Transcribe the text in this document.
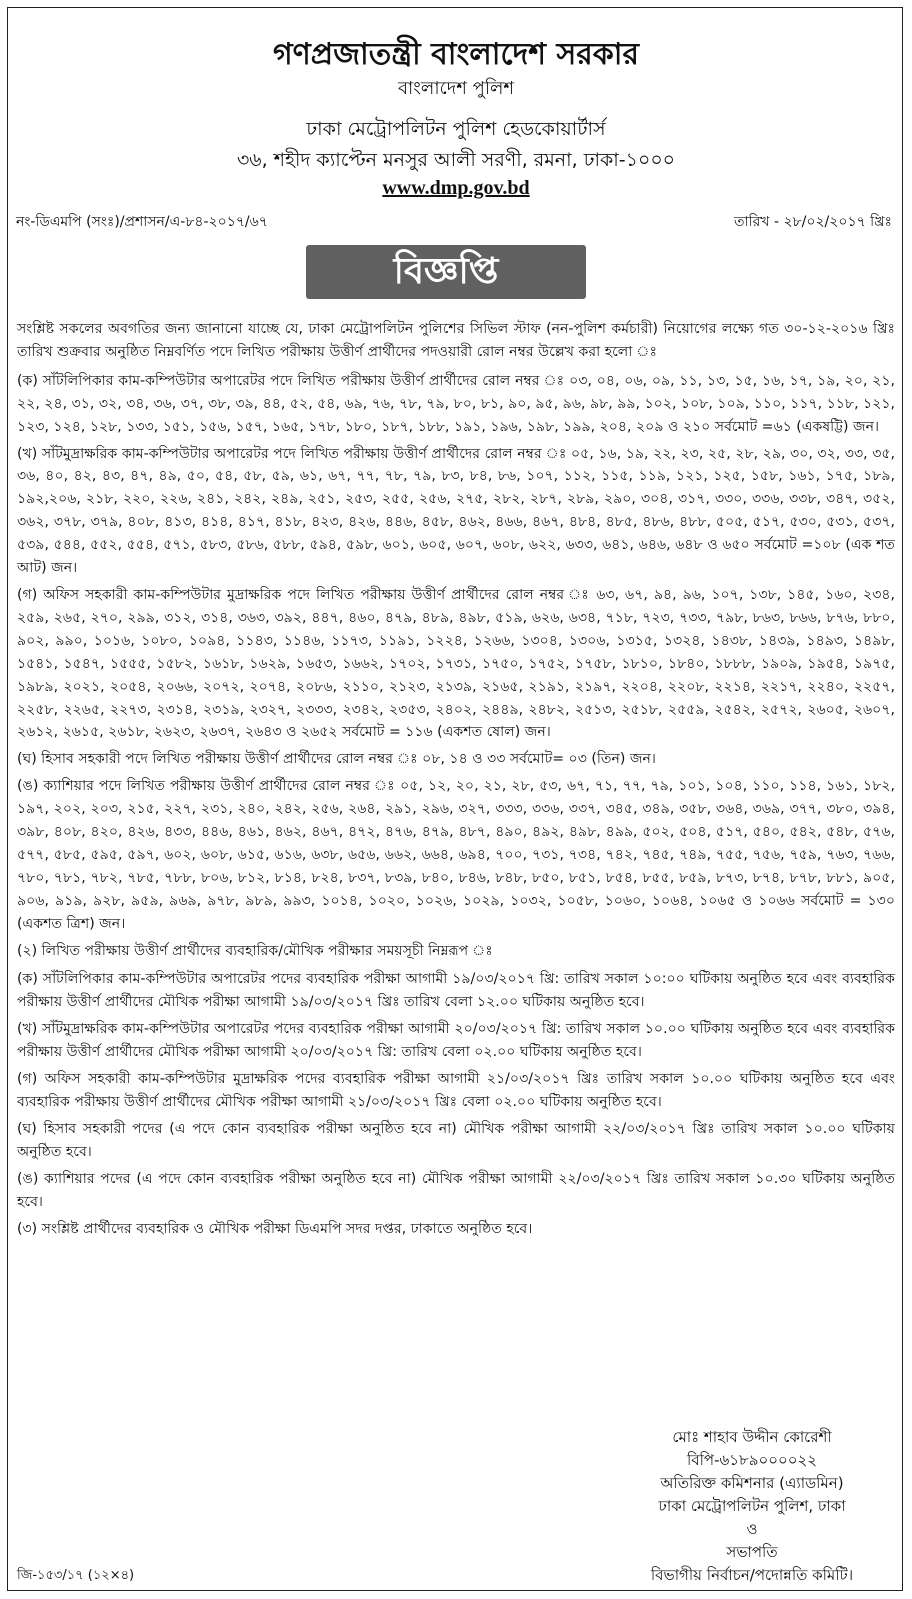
গণপ্রজাতন্ত্রী বাংলাদেশ সরকার
বাংলাদেশ পুলিশ
ঢাকা মেট্রোপলিটন পুলিশ হেডকোয়ার্টার্স
৩৬, শহীদ ক্যাপ্টেন মনসুর আলী সরণী, রমনা, ঢাকা-১০০০
www.dmp.gov.bd
নং-ডিএমপি (সংঃ)/প্রশাসন/এ-৮৪-২০১৭/৬৭	তারিখ - ২৮/০২/২০১৭ খ্রিঃ
বিজ্ঞপ্তি

সংশ্লিষ্ট সকলের অবগতির জন্য জানানো যাচ্ছে যে, ঢাকা মেট্রোপলিটন পুলিশের সিভিল স্টাফ (নন-পুলিশ কর্মচারী) নিয়োগের লক্ষ্যে গত ৩০-১২-২০১৬ খ্রিঃ তারিখ শুক্রবার অনুষ্ঠিত নিম্নবর্ণিত পদে লিখিত পরীক্ষায় উত্তীর্ণ প্রার্থীদের পদওয়ারী রোল নম্বর উল্লেখ করা হলো ঃ

(ক) সাঁটলিপিকার কাম-কম্পিউটার অপারেটর পদে লিখিত পরীক্ষায় উত্তীর্ণ প্রার্থীদের রোল নম্বর ঃ ০৩, ০৪, ০৬, ০৯, ১১, ১৩, ১৫, ১৬, ১৭, ১৯, ২০, ২১, ২২, ২৪, ৩১, ৩২, ৩৪, ৩৬, ৩৭, ৩৮, ৩৯, ৪৪, ৫২, ৫৪, ৬৯, ৭৬, ৭৮, ৭৯, ৮০, ৮১, ৯০, ৯৫, ৯৬, ৯৮, ৯৯, ১০২, ১০৮, ১০৯, ১১০, ১১৭, ১১৮, ১২১, ১২৩, ১২৪, ১২৮, ১৩৩, ১৫১, ১৫৬, ১৫৭, ১৬৫, ১৭৮, ১৮০, ১৮৭, ১৮৮, ১৯১, ১৯৬, ১৯৮, ১৯৯, ২০৪, ২০৯ ও ২১০ সর্বমোট =৬১ (একষট্টি) জন।

(খ) সাঁটমুদ্রাক্ষরিক কাম-কম্পিউটার অপারেটর পদে লিখিত পরীক্ষায় উত্তীর্ণ প্রার্থীদের রোল নম্বর ঃ ০৫, ১৬, ১৯, ২২, ২৩, ২৫, ২৮, ২৯, ৩০, ৩২, ৩৩, ৩৫, ৩৬, ৪০, ৪২, ৪৩, ৪৭, ৪৯, ৫০, ৫৪, ৫৮, ৫৯, ৬১, ৬৭, ৭৭, ৭৮, ৭৯, ৮৩, ৮৪, ৮৬, ১০৭, ১১২, ১১৫, ১১৯, ১২১, ১২৫, ১৫৮, ১৬১, ১৭৫, ১৮৯, ১৯২,২০৬, ২১৮, ২২০, ২২৬, ২৪১, ২৪২, ২৪৯, ২৫১, ২৫৩, ২৫৫, ২৫৬, ২৭৫, ২৮২, ২৮৭, ২৮৯, ২৯০, ৩০৪, ৩১৭, ৩৩০, ৩৩৬, ৩৩৮, ৩৪৭, ৩৫২, ৩৬২, ৩৭৮, ৩৭৯, ৪০৮, ৪১৩, ৪১৪, ৪১৭, ৪১৮, ৪২৩, ৪২৬, ৪৪৬, ৪৫৮, ৪৬২, ৪৬৬, ৪৬৭, ৪৮৪, ৪৮৫, ৪৮৬, ৪৮৮, ৫০৫, ৫১৭, ৫৩০, ৫৩১, ৫৩৭, ৫৩৯, ৫৪৪, ৫৫২, ৫৫৪, ৫৭১, ৫৮৩, ৫৮৬, ৫৮৮, ৫৯৪, ৫৯৮, ৬০১, ৬০৫, ৬০৭, ৬০৮, ৬২২, ৬৩৩, ৬৪১, ৬৪৬, ৬৪৮ ও ৬৫০ সর্বমোট =১০৮ (এক শত আট) জন।

(গ) অফিস সহকারী কাম-কম্পিউটার মুদ্রাক্ষরিক পদে লিখিত পরীক্ষায় উত্তীর্ণ প্রার্থীদের রোল নম্বর ঃ ৬৩, ৬৭, ৯৪, ৯৬, ১০৭, ১৩৮, ১৪৫, ১৬০, ২৩৪, ২৫৯, ২৬৫, ২৭০, ২৯৯, ৩১২, ৩১৪, ৩৬৩, ৩৯২, ৪৪৭, ৪৬০, ৪৭৯, ৪৮৯, ৪৯৮, ৫১৯, ৬২৬, ৬৩৪, ৭১৮, ৭২৩, ৭৩৩, ৭৯৮, ৮৬৩, ৮৬৬, ৮৭৬, ৮৮০, ৯০২, ৯৯০, ১০১৬, ১০৮০, ১০৯৪, ১১৪৩, ১১৪৬, ১১৭৩, ১১৯১, ১২২৪, ১২৬৬, ১৩০৪, ১৩০৬, ১৩১৫, ১৩২৪, ১৪৩৮, ১৪৩৯, ১৪৯৩, ১৪৯৮, ১৫৪১, ১৫৪৭, ১৫৫৫, ১৫৮২, ১৬১৮, ১৬২৯, ১৬৫৩, ১৬৬২, ১৭০২, ১৭৩১, ১৭৫০, ১৭৫২, ১৭৫৮, ১৮১০, ১৮৪০, ১৮৮৮, ১৯০৯, ১৯৫৪, ১৯৭৫, ১৯৮৯, ২০২১, ২০৫৪, ২০৬৬, ২০৭২, ২০৭৪, ২০৮৬, ২১১০, ২১২৩, ২১৩৯, ২১৬৫, ২১৯১, ২১৯৭, ২২০৪, ২২০৮, ২২১৪, ২২১৭, ২২৪০, ২২৫৭, ২২৫৮, ২২৬৫, ২২৭৩, ২৩১৪, ২৩১৯, ২৩২৭, ২৩৩৩, ২৩৪২, ২৩৫৩, ২৪০২, ২৪৪৯, ২৪৮২, ২৫১৩, ২৫১৮, ২৫৫৯, ২৫৪২, ২৫৭২, ২৬০৫, ২৬০৭, ২৬১২, ২৬১৫, ২৬১৮, ২৬২৩, ২৬৩৭, ২৬৪৩ ও ২৬৫২ সর্বমোট = ১১৬ (একশত ষোল) জন।

(ঘ) হিসাব সহকারী পদে লিখিত পরীক্ষায় উত্তীর্ণ প্রার্থীদের রোল নম্বর ঃ ০৮, ১৪ ও ৩৩ সর্বমোট= ০৩ (তিন) জন।

(ঙ) ক্যাশিয়ার পদে লিখিত পরীক্ষায় উত্তীর্ণ প্রার্থীদের রোল নম্বর ঃ ০৫, ১২, ২০, ২১, ২৮, ৫৩, ৬৭, ৭১, ৭৭, ৭৯, ১০১, ১০৪, ১১০, ১১৪, ১৬১, ১৮২, ১৯৭, ২০২, ২০৩, ২১৫, ২২৭, ২৩১, ২৪০, ২৪২, ২৫৬, ২৬৪, ২৯১, ২৯৬, ৩২৭, ৩৩৩, ৩৩৬, ৩৩৭, ৩৪৫, ৩৪৯, ৩৫৮, ৩৬৪, ৩৬৯, ৩৭৭, ৩৮০, ৩৯৪, ৩৯৮, ৪০৮, ৪২০, ৪২৬, ৪৩৩, ৪৪৬, ৪৬১, ৪৬২, ৪৬৭, ৪৭২, ৪৭৬, ৪৭৯, ৪৮৭, ৪৯০, ৪৯২, ৪৯৮, ৪৯৯, ৫০২, ৫০৪, ৫১৭, ৫৪০, ৫৪২, ৫৪৮, ৫৭৬, ৫৭৭, ৫৮৫, ৫৯৫, ৫৯৭, ৬০২, ৬০৮, ৬১৫, ৬১৬, ৬৩৮, ৬৫৬, ৬৬২, ৬৬৪, ৬৯৪, ৭০০, ৭৩১, ৭৩৪, ৭৪২, ৭৪৫, ৭৪৯, ৭৫৫, ৭৫৬, ৭৫৯, ৭৬৩, ৭৬৬, ৭৮০, ৭৮১, ৭৮২, ৭৮৫, ৭৮৮, ৮০৬, ৮১২, ৮১৪, ৮২৪, ৮৩৭, ৮৩৯, ৮৪০, ৮৪৬, ৮৪৮, ৮৫০, ৮৫১, ৮৫৪, ৮৫৫, ৮৫৯, ৮৭৩, ৮৭৪, ৮৭৮, ৮৮১, ৯০৫, ৯০৬, ৯১৯, ৯২৮, ৯৫৯, ৯৬৯, ৯৭৮, ৯৮৯, ৯৯৩, ১০১৪, ১০২০, ১০২৬, ১০২৯, ১০৩২, ১০৫৮, ১০৬০, ১০৬৪, ১০৬৫ ও ১০৬৬ সর্বমোট = ১৩০ (একশত ত্রিশ) জন।

(২) লিখিত পরীক্ষায় উত্তীর্ণ প্রার্থীদের ব্যবহারিক/মৌখিক পরীক্ষার সময়সূচী নিম্নরূপ ঃ

(ক) সাঁটলিপিকার কাম-কম্পিউটার অপারেটর পদের ব্যবহারিক পরীক্ষা আগামী ১৯/০৩/২০১৭ খ্রি: তারিখ সকাল ১০:০০ ঘটিকায় অনুষ্ঠিত হবে এবং ব্যবহারিক পরীক্ষায় উত্তীর্ণ প্রার্থীদের মৌখিক পরীক্ষা আগামী ১৯/০৩/২০১৭ খ্রিঃ তারিখ বেলা ১২.০০ ঘটিকায় অনুষ্ঠিত হবে।

(খ) সাঁটমুদ্রাক্ষরিক কাম-কম্পিউটার অপারেটর পদের ব্যবহারিক পরীক্ষা আগামী ২০/০৩/২০১৭ খ্রি: তারিখ সকাল ১০.০০ ঘটিকায় অনুষ্ঠিত হবে এবং ব্যবহারিক পরীক্ষায় উত্তীর্ণ প্রার্থীদের মৌখিক পরীক্ষা আগামী ২০/০৩/২০১৭ খ্রি: তারিখ বেলা ০২.০০ ঘটিকায় অনুষ্ঠিত হবে।

(গ) অফিস সহকারী কাম-কম্পিউটার মুদ্রাক্ষরিক পদের ব্যবহারিক পরীক্ষা আগামী ২১/০৩/২০১৭ খ্রিঃ তারিখ সকাল ১০.০০ ঘটিকায় অনুষ্ঠিত হবে এবং ব্যবহারিক পরীক্ষায় উত্তীর্ণ প্রার্থীদের মৌখিক পরীক্ষা আগামী ২১/০৩/২০১৭ খ্রিঃ বেলা ০২.০০ ঘটিকায় অনুষ্ঠিত হবে।

(ঘ) হিসাব সহকারী পদের (এ পদে কোন ব্যবহারিক পরীক্ষা অনুষ্ঠিত হবে না) মৌখিক পরীক্ষা আগামী ২২/০৩/২০১৭ খ্রিঃ তারিখ সকাল ১০.০০ ঘটিকায় অনুষ্ঠিত হবে।

(ঙ) ক্যাশিয়ার পদের (এ পদে কোন ব্যবহারিক পরীক্ষা অনুষ্ঠিত হবে না) মৌখিক পরীক্ষা আগামী ২২/০৩/২০১৭ খ্রিঃ তারিখ সকাল ১০.৩০ ঘটিকায় অনুষ্ঠিত হবে।

(৩) সংশ্লিষ্ট প্রার্থীদের ব্যবহারিক ও মৌখিক পরীক্ষা ডিএমপি সদর দপ্তর, ঢাকাতে অনুষ্ঠিত হবে।

মোঃ শাহাব উদ্দীন কোরেশী
বিপি-৬১৮৯০০০০২২
অতিরিক্ত কমিশনার (এ্যাডমিন)
ঢাকা মেট্রোপলিটন পুলিশ, ঢাকা
ও
সভাপতি
বিভাগীয় নির্বাচন/পদোন্নতি কমিটি।
জি-১৫৩/১৭ (১২×৪)
